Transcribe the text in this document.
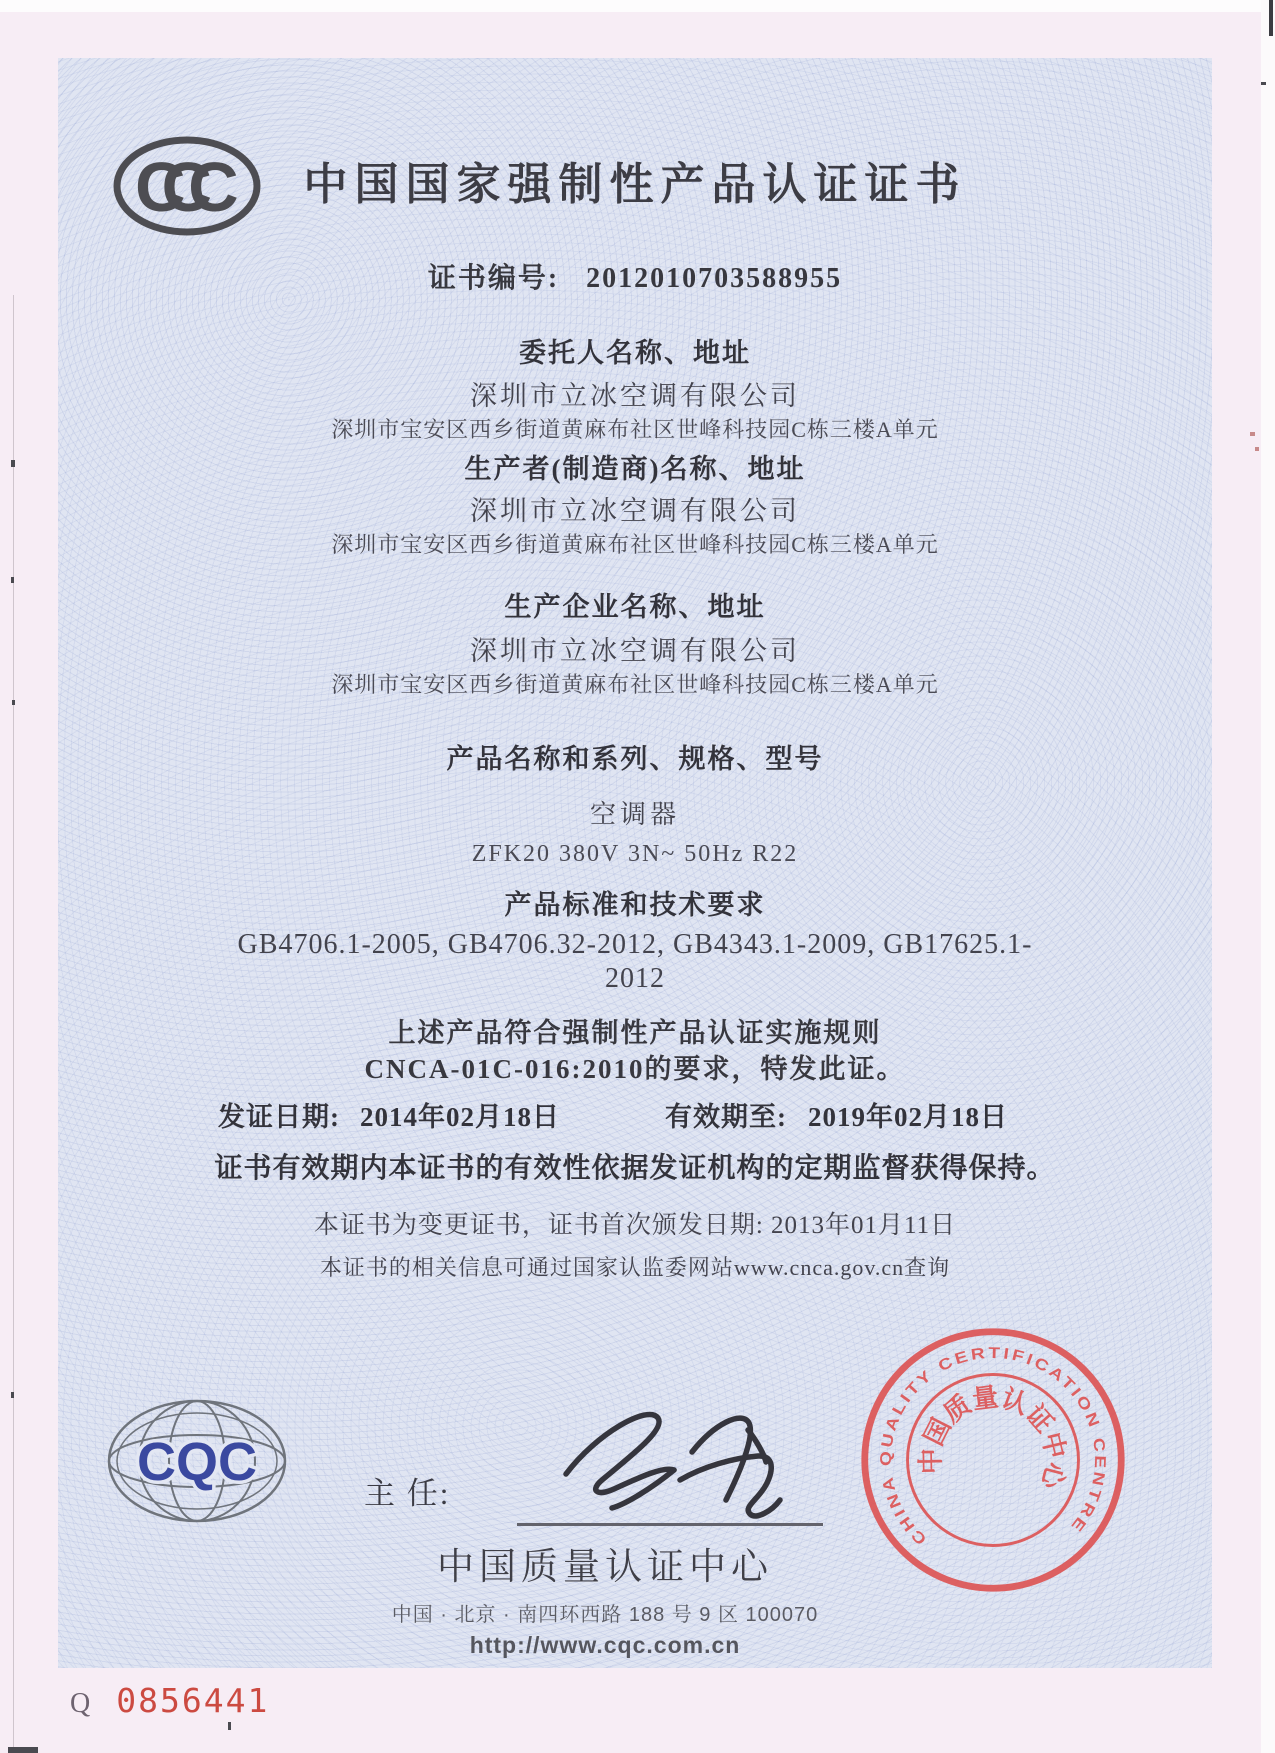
CCC	中国国家强制性产品认证证书
证书编号: 2012010703588955
委托人名称、地址
深圳市立冰空调有限公司
深圳市宝安区西乡街道黄麻布社区世峰科技园C栋三楼A单元
生产者(制造商)名称、地址
深圳市立冰空调有限公司
深圳市宝安区西乡街道黄麻布社区世峰科技园C栋三楼A单元
生产企业名称、地址
深圳市立冰空调有限公司
深圳市宝安区西乡街道黄麻布社区世峰科技园C栋三楼A单元
产品名称和系列、规格、型号
空调器
ZFK20 380V 3N~ 50Hz R22
产品标准和技术要求
GB4706.1-2005, GB4706.32-2012, GB4343.1-2009, GB17625.1-
2012
上述产品符合强制性产品认证实施规则
CNCA-01C-016:2010的要求，特发此证。
发证日期: 2014年02月18日	有效期至: 2019年02月18日
证书有效期内本证书的有效性依据发证机构的定期监督获得保持。
本证书为变更证书，证书首次颁发日期: 2013年01月11日
本证书的相关信息可通过国家认监委网站www.cnca.gov.cn查询
CQC
主 任:
中国质量认证中心
中国 · 北京 · 南四环西路 188 号 9 区 100070
http://www.cqc.com.cn
CHINA QUALITY CERTIFICATION CENTRE
中国质量认证中心
Q 0856441
